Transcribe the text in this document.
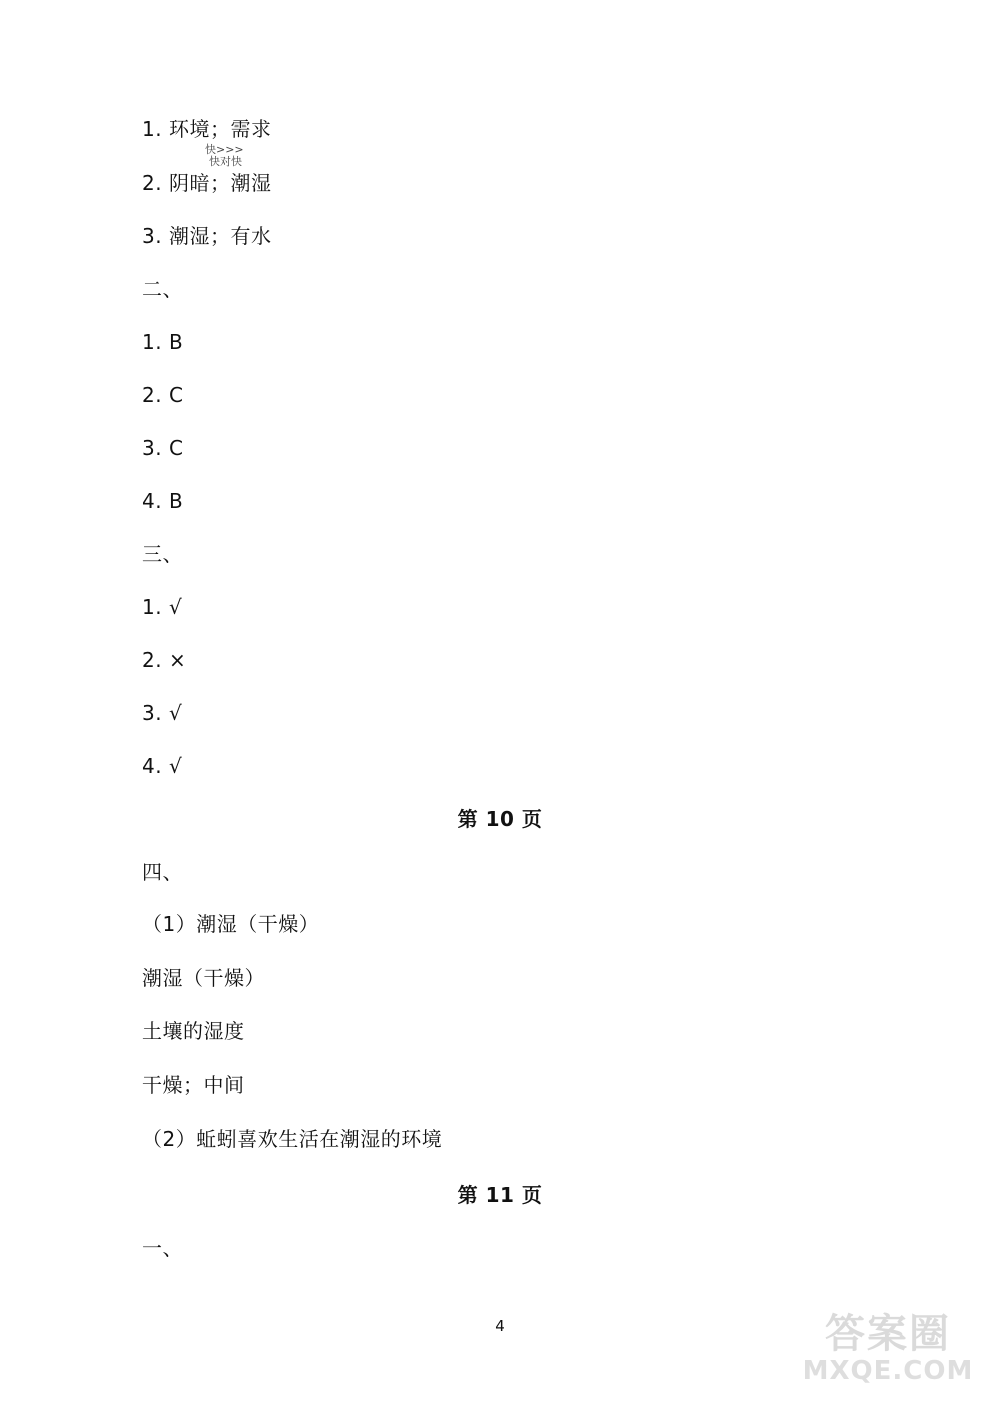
1. 环境；需求
快>>>
快对快
2. 阴暗；潮湿
3. 潮湿；有水
二、
1. B
2. C
3. C
4. B
三、
1. √
2. ×
3. √
4. √
第 10 页
四、
（1）潮湿（干燥）
潮湿（干燥）
土壤的湿度
干燥；中间
（2）蚯蚓喜欢生活在潮湿的环境
第 11 页
一、
4	答案圈
MXQE.COM
